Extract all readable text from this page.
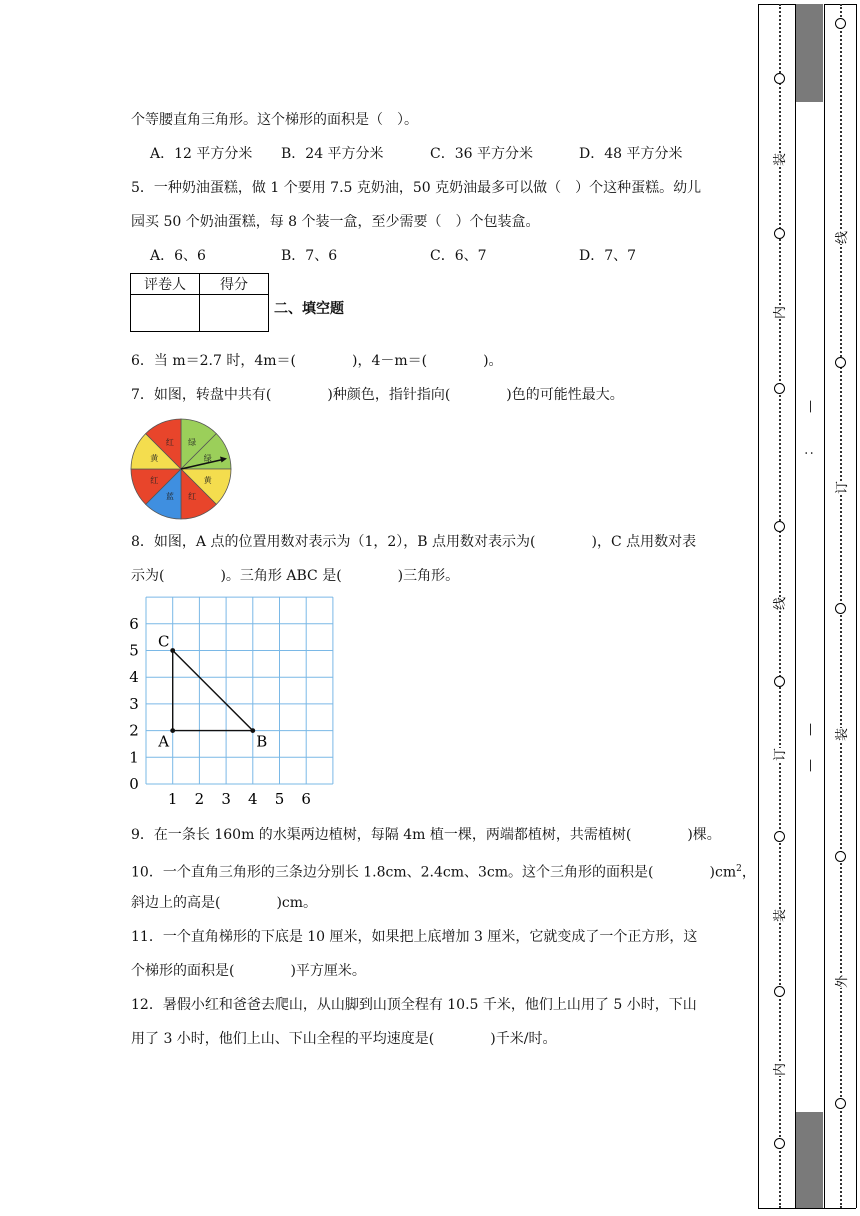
个等腰直角三角形。这个梯形的面积是（　）。
A．12 平方分米 B．24 平方分米	C．36 平方分米	D．48 平方分米
5．一种奶油蛋糕，做 1 个要用 7.5 克奶油，50 克奶油最多可以做（　）个这种蛋糕。幼儿
园买 50 个奶油蛋糕，每 8 个装一盒，至少需要（　）个包装盒。
A．6、6	B．7、6	C．6、7	D．7、7
评卷人	得分

二、填空题
6．当 m＝2.7 时，4m＝(　　　　)，4－m＝(　　　　)。
7．如图，转盘中共有(　　　　)种颜色，指针指向(　　　　)色的可能性最大。
绿
绿
黄
红
蓝
红
黄
红
8．如图，A 点的位置用数对表示为（1，2），B 点用数对表示为(　　　　)，C 点用数对表
示为(　　　　)。三角形 ABC 是(　　　　)三角形。
1 2 3 4 5 6
0
1
2
3
4
5
6
A	B
C
9．在一条长 160m 的水渠两边植树，每隔 4m 植一棵，两端都植树，共需植树(　　　　)棵。
10．一个直角三角形的三条边分别长 1.8cm、2.4cm、3cm。这个三角形的面积是(　　　　)$cm^2$，
斜边上的高是(　　　　)cm。
11．一个直角梯形的下底是 10 厘米，如果把上底增加 3 厘米，它就变成了一个正方形，这
个梯形的面积是(　　　　)平方厘米。
12．暑假小红和爸爸去爬山，从山脚到山顶全程有 10.5 千米，他们上山用了 5 小时，下山
用了 3 小时，他们上山、下山全程的平均速度是(　　　　)千米/时。
装
内
订
装
内
线
—
：
—
—
线
订
装
外
